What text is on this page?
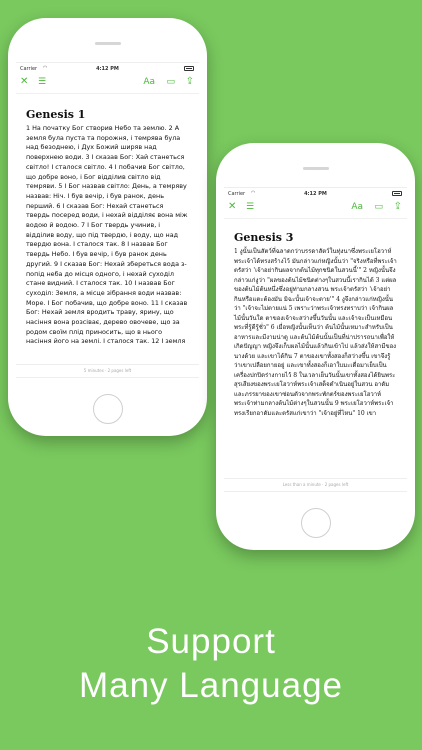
Carrier ◠	4:12 PM
✕ ☰	Aa ▭ ⇪
Genesis 1

1 На початку Бог створив Небо та землю. 2 А земля була пуста та порожня, і темрява була над безоднею, і Дух Божий ширяв над поверхнею води. 3 І сказав Бог: Хай станеться світло! І сталося світло. 4 І побачив Бог світло, що добре воно, і Бог відділив світло від темряви. 5 І Бог назвав світло: День, а темряву назвав: Ніч. І був вечір, і був ранок, день перший. 6 І сказав Бог: Нехай станеться твердь посеред води, і нехай відділяє вона між водою й водою. 7 І Бог твердь учинив, і відділив воду, що під твердю, і воду, що над твердю вона. І сталося так. 8 І назвав Бог твердь Небо. І був вечір, і був ранок день другий. 9 І сказав Бог: Нехай збереться вода з-попід неба до місця одного, і нехай суходіл стане видний. І сталося так. 10 І назвав Бог суходіл: Земля, а місце зібрання води назвав: Море. І Бог побачив, що добре воно. 11 І сказав Бог: Нехай земля вродить траву, ярину, що насіння вона розсіває, дерево овочеве, що за родом своїм плід приносить, що в нього насіння його на землі. І сталося так. 12 І земля

5 minutes · 2 pages left
Carrier ◠	4:12 PM
✕ ☰	Aa ▭ ⇪
Genesis 3

1 งูนั้นเป็นสัตว์ที่ฉลาดกว่าบรรดาสัตว์ในทุ่งนาซึ่งพระเยโฮวาห์พระเจ้าได้ทรงสร้างไว้ มันกล่าวแก่หญิงนั้นว่า "จริงหรือที่พระเจ้าตรัสว่า 'เจ้าอย่ากินผลจากต้นไม้ทุกชนิดในสวนนี้'" 2 หญิงนั้นจึงกล่าวแก่งูว่า "ผลของต้นไม้ชนิดต่างๆในสวนนี้เรากินได้ 3 แต่ผลของต้นไม้ต้นหนึ่งซึ่งอยู่ท่ามกลางสวน พระเจ้าตรัสว่า 'เจ้าอย่ากินหรือแตะต้องมัน มิฉะนั้นเจ้าจะตาย'" 4 งูจึงกล่าวแก่หญิงนั้นว่า "เจ้าจะไม่ตายแน่ 5 เพราะว่าพระเจ้าทรงทราบว่า เจ้ากินผลไม้นั้นวันใด ตาของเจ้าจะสว่างขึ้นวันนั้น และเจ้าจะเป็นเหมือนพระที่รู้ดีรู้ชั่ว" 6 เมื่อหญิงนั้นเห็นว่า ต้นไม้นั้นเหมาะสำหรับเป็นอาหารและมีงามน่าดู และต้นไม้ต้นนั้นเป็นที่น่าปรารถนาเพื่อให้เกิดปัญญา หญิงจึงเก็บผลไม้นั้นแล้วกินเข้าไป แล้วส่งให้สามีของนางด้วย และเขาได้กิน 7 ตาของเขาทั้งสองก็สว่างขึ้น เขาจึงรู้ว่าเขาเปลือยกายอยู่ และเขาทั้งสองก็เอาใบมะเดื่อมาเย็บเป็นเครื่องปกปิดร่างกายไว้ 8 ในเวลาเย็นวันนั้นเขาทั้งสองได้ยินพระสุรเสียงของพระเยโฮวาห์พระเจ้าเสด็จดำเนินอยู่ในสวน อาดัมและภรรยาของเขาซ่อนตัวจากพระพักตร์ของพระเยโฮวาห์พระเจ้าท่ามกลางต้นไม้ต่างๆในสวนนั้น 9 พระเยโฮวาห์พระเจ้าทรงเรียกอาดัมและตรัสแก่เขาว่า "เจ้าอยู่ที่ไหน" 10 เขา

Less than a minute · 2 pages left
Support
Many Language
